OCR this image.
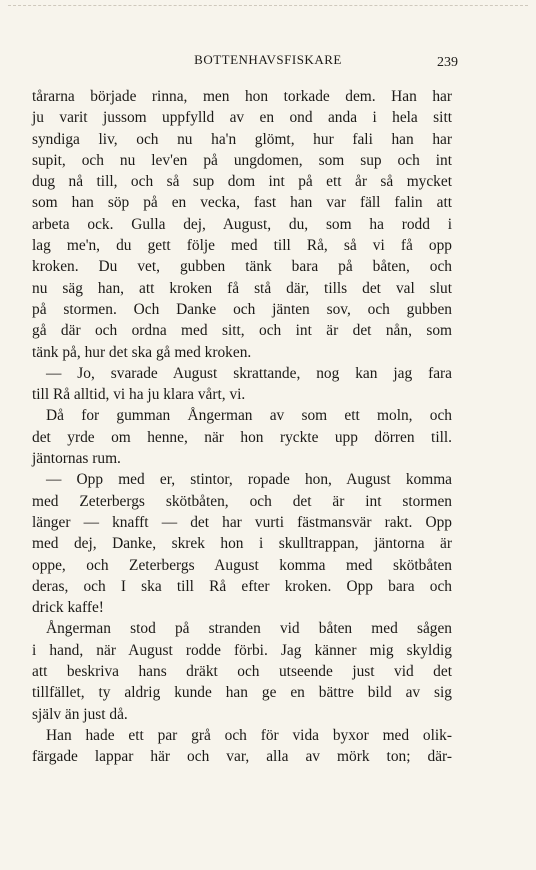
BOTTENHAVSFISKARE	239
tårarna började rinna, men hon torkade dem. Han har
ju varit jussom uppfylld av en ond anda i hela sitt
syndiga liv, och nu ha'n glömt, hur fali han har
supit, och nu lev'en på ungdomen, som sup och int
dug nå till, och så sup dom int på ett år så mycket
som han söp på en vecka, fast han var fäll falin att
arbeta ock. Gulla dej, August, du, som ha rodd i
lag me'n, du gett följe med till Rå, så vi få opp
kroken. Du vet, gubben tänk bara på båten, och
nu säg han, att kroken få stå där, tills det val slut
på stormen. Och Danke och jänten sov, och gubben
gå där och ordna med sitt, och int är det nån, som
tänk på, hur det ska gå med kroken.
— Jo, svarade August skrattande, nog kan jag fara
till Rå alltid, vi ha ju klara vårt, vi.
Då for gumman Ångerman av som ett moln, och
det yrde om henne, när hon ryckte upp dörren till.
jäntornas rum.
— Opp med er, stintor, ropade hon, August komma
med Zeterbergs skötbåten, och det är int stormen
länger — knafft — det har vurti fästmansvär rakt. Opp
med dej, Danke, skrek hon i skulltrappan, jäntorna är
oppe, och Zeterbergs August komma med skötbåten
deras, och I ska till Rå efter kroken. Opp bara och
drick kaffe!
Ångerman stod på stranden vid båten med sågen
i hand, när August rodde förbi. Jag känner mig skyldig
att beskriva hans dräkt och utseende just vid det
tillfället, ty aldrig kunde han ge en bättre bild av sig
själv än just då.
Han hade ett par grå och för vida byxor med olik-
färgade lappar här och var, alla av mörk ton; där-
